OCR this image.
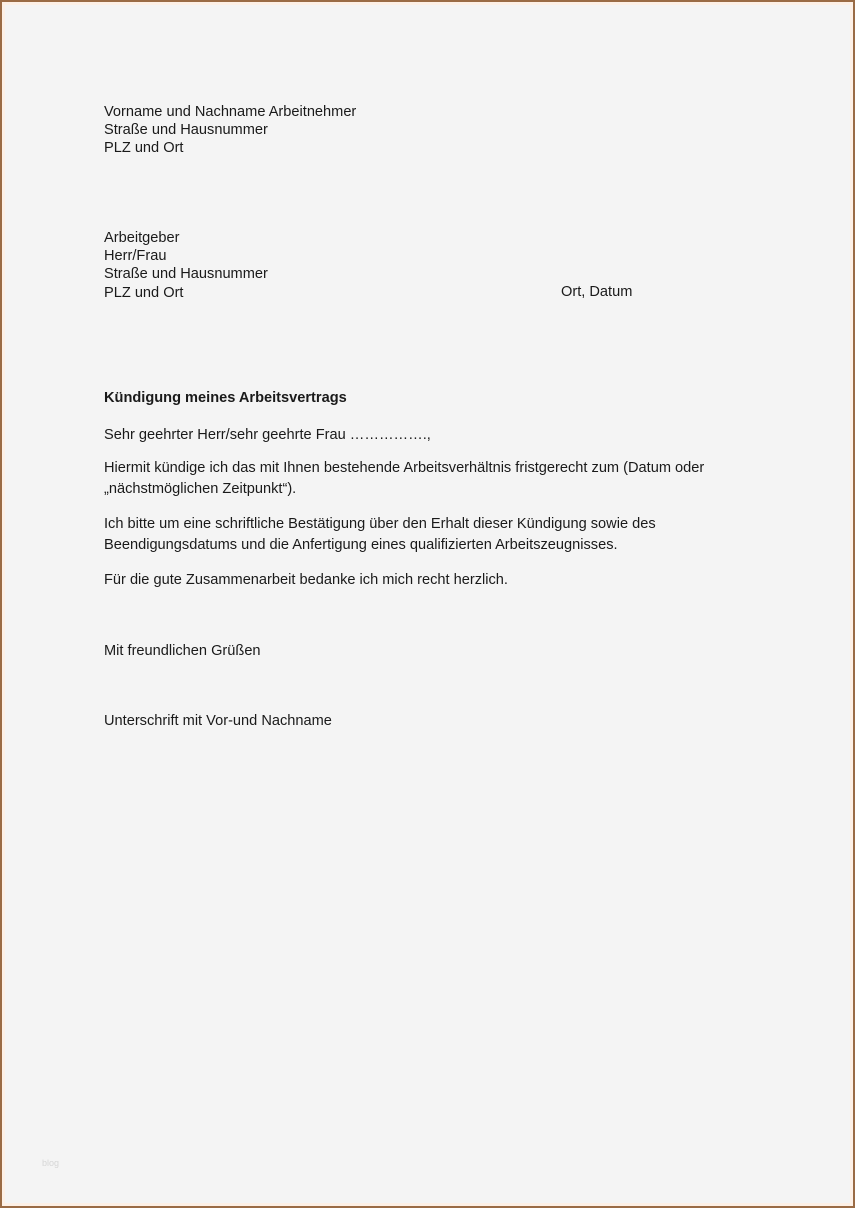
Vorname und Nachname Arbeitnehmer
Straße und Hausnummer
PLZ und Ort
Arbeitgeber
Herr/Frau
Straße und Hausnummer
PLZ und Ort	Ort, Datum
Kündigung meines Arbeitsvertrags
Sehr geehrter Herr/sehr geehrte Frau …………….,
Hiermit kündige ich das mit Ihnen bestehende Arbeitsverhältnis fristgerecht zum (Datum oder
„nächstmöglichen Zeitpunkt“).
Ich bitte um eine schriftliche Bestätigung über den Erhalt dieser Kündigung sowie des
Beendigungsdatums und die Anfertigung eines qualifizierten Arbeitszeugnisses.
Für die gute Zusammenarbeit bedanke ich mich recht herzlich.
Mit freundlichen Grüßen
Unterschrift mit Vor-und Nachname
blog
